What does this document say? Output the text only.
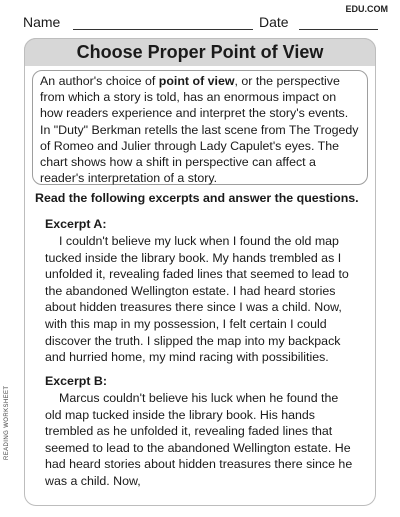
EDU.COM
Name	Date
Choose Proper Point of View
An author's choice of point of view, or the perspective from which a story is told, has an enormous impact on how readers experience and interpret the story's events. In "Duty" Berkman retells the last scene from The Trogedy of Romeo and Julier through Lady Capulet's eyes. The chart shows how a shift in perspective can affect a reader's interpretation of a story.
Read the following excerpts and answer the questions.
Excerpt A:
I couldn't believe my luck when I found the old map tucked inside the library book. My hands trembled as I unfolded it, revealing faded lines that seemed to lead to the abandoned Wellington estate. I had heard stories about hidden treasures there since I was a child. Now, with this map in my possession, I felt certain I could discover the truth. I slipped the map into my backpack and hurried home, my mind racing with possibilities.
Excerpt B:
Marcus couldn't believe his luck when he found the old map tucked inside the library book. His hands trembled as he unfolded it, revealing faded lines that seemed to lead to the abandoned Wellington estate. He had heard stories about hidden treasures there since he was a child. Now,
READING WORKSHEET
